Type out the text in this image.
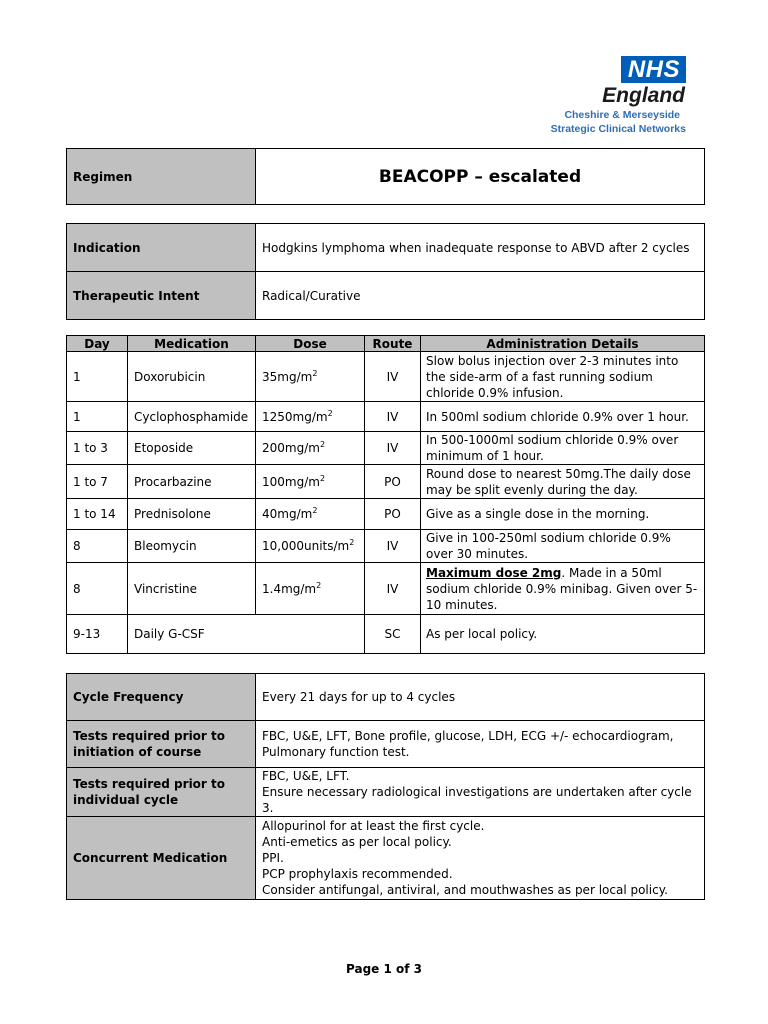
NHS
England
Cheshire & Merseyside
Strategic Clinical Networks
Regimen	BEACOPP – escalated
Indication	Hodgkins lymphoma when inadequate response to ABVD after 2 cycles
Therapeutic Intent	Radical/Curative
Day	Medication	Dose	Route	Administration Details
1	Doxorubicin	$35mg/m^2$	IV	Slow bolus injection over 2-3 minutes into the side-arm of a fast running sodium chloride 0.9% infusion.
1	Cyclophosphamide	$1250mg/m^2$	IV	In 500ml sodium chloride 0.9% over 1 hour.
1 to 3	Etoposide	$200mg/m^2$	IV	In 500-1000ml sodium chloride 0.9% over minimum of 1 hour.
1 to 7	Procarbazine	$100mg/m^2$	PO	Round dose to nearest 50mg.The daily dose may be split evenly during the day.
1 to 14	Prednisolone	$40mg/m^2$	PO	Give as a single dose in the morning.
8	Bleomycin	$10,000units/m^2$	IV	Give in 100-250ml sodium chloride 0.9% over 30 minutes.
8	Vincristine	$1.4mg/m^2$	IV	Maximum dose 2mg. Made in a 50ml sodium chloride 0.9% minibag. Given over 5-10 minutes.
9-13	Daily G-CSF		SC	As per local policy.
Cycle Frequency	Every 21 days for up to 4 cycles

Tests required prior to initiation of course	FBC, U&E, LFT, Bone profile, glucose, LDH, ECG +/- echocardiogram,
Pulmonary function test.

Tests required prior to individual cycle	FBC, U&E, LFT.
Ensure necessary radiological investigations are undertaken after cycle 3.

Concurrent Medication	Allopurinol for at least the first cycle.
Anti-emetics as per local policy.
PPI.
PCP prophylaxis recommended.
Consider antifungal, antiviral, and mouthwashes as per local policy.
Page 1 of 3
